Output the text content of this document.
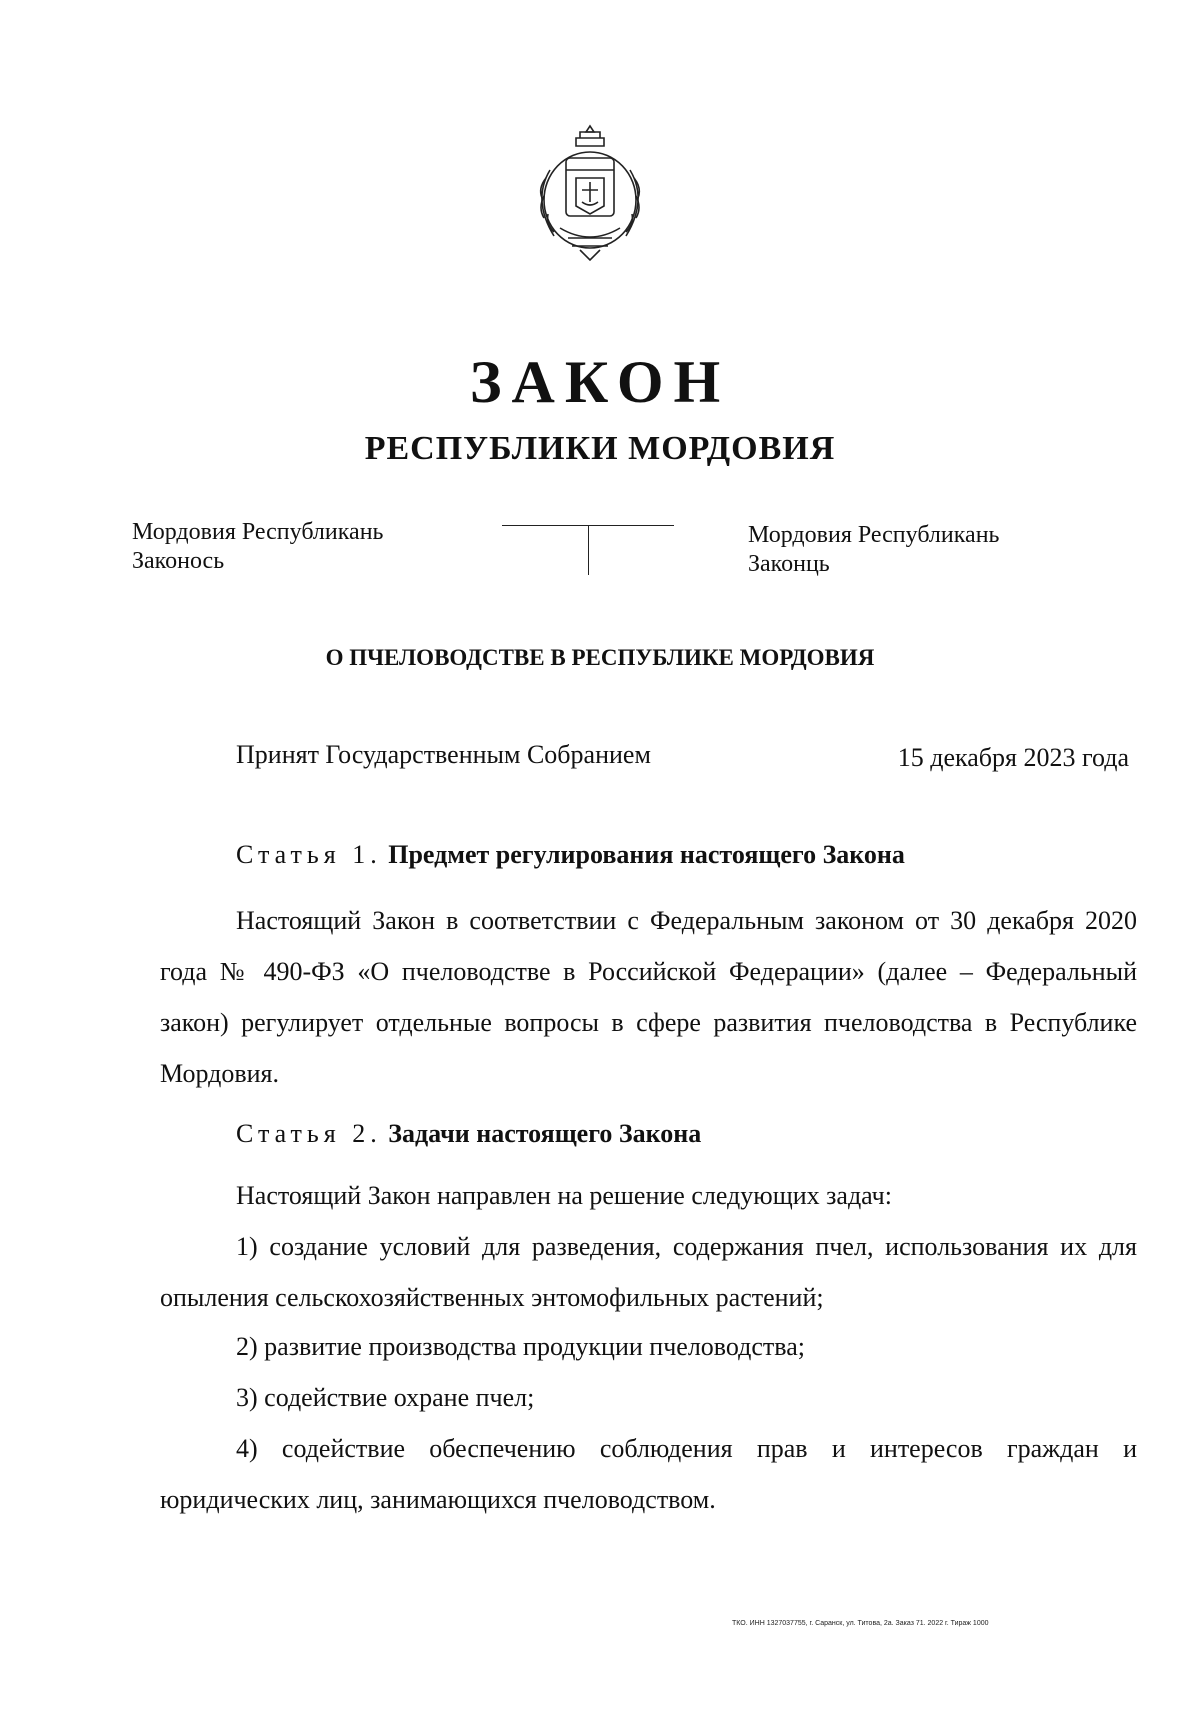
ЗАКОН
РЕСПУБЛИКИ МОРДОВИЯ
Мордовия Республикань
Законось
Мордовия Республикань
Законць
О ПЧЕЛОВОДСТВЕ В РЕСПУБЛИКЕ МОРДОВИЯ
Принят Государственным Собранием	15 декабря 2023 года
Статья 1. Предмет регулирования настоящего Закона
Настоящий Закон в соответствии с Федеральным законом от 30 декабря 2020 года № 490-ФЗ «О пчеловодстве в Российской Федерации» (далее – Федеральный закон) регулирует отдельные вопросы в сфере развития пчеловодства в Республике Мордовия.
Статья 2. Задачи настоящего Закона
Настоящий Закон направлен на решение следующих задач:
1) создание условий для разведения, содержания пчел, использования их для опыления сельскохозяйственных энтомофильных растений;
2) развитие производства продукции пчеловодства;
3) содействие охране пчел;
4) содействие обеспечению соблюдения прав и интересов граждан и юридических лиц, занимающихся пчеловодством.
ТКО. ИНН 1327037755, г. Саранск, ул. Титова, 2а. Заказ 71. 2022 г. Тираж 1000
